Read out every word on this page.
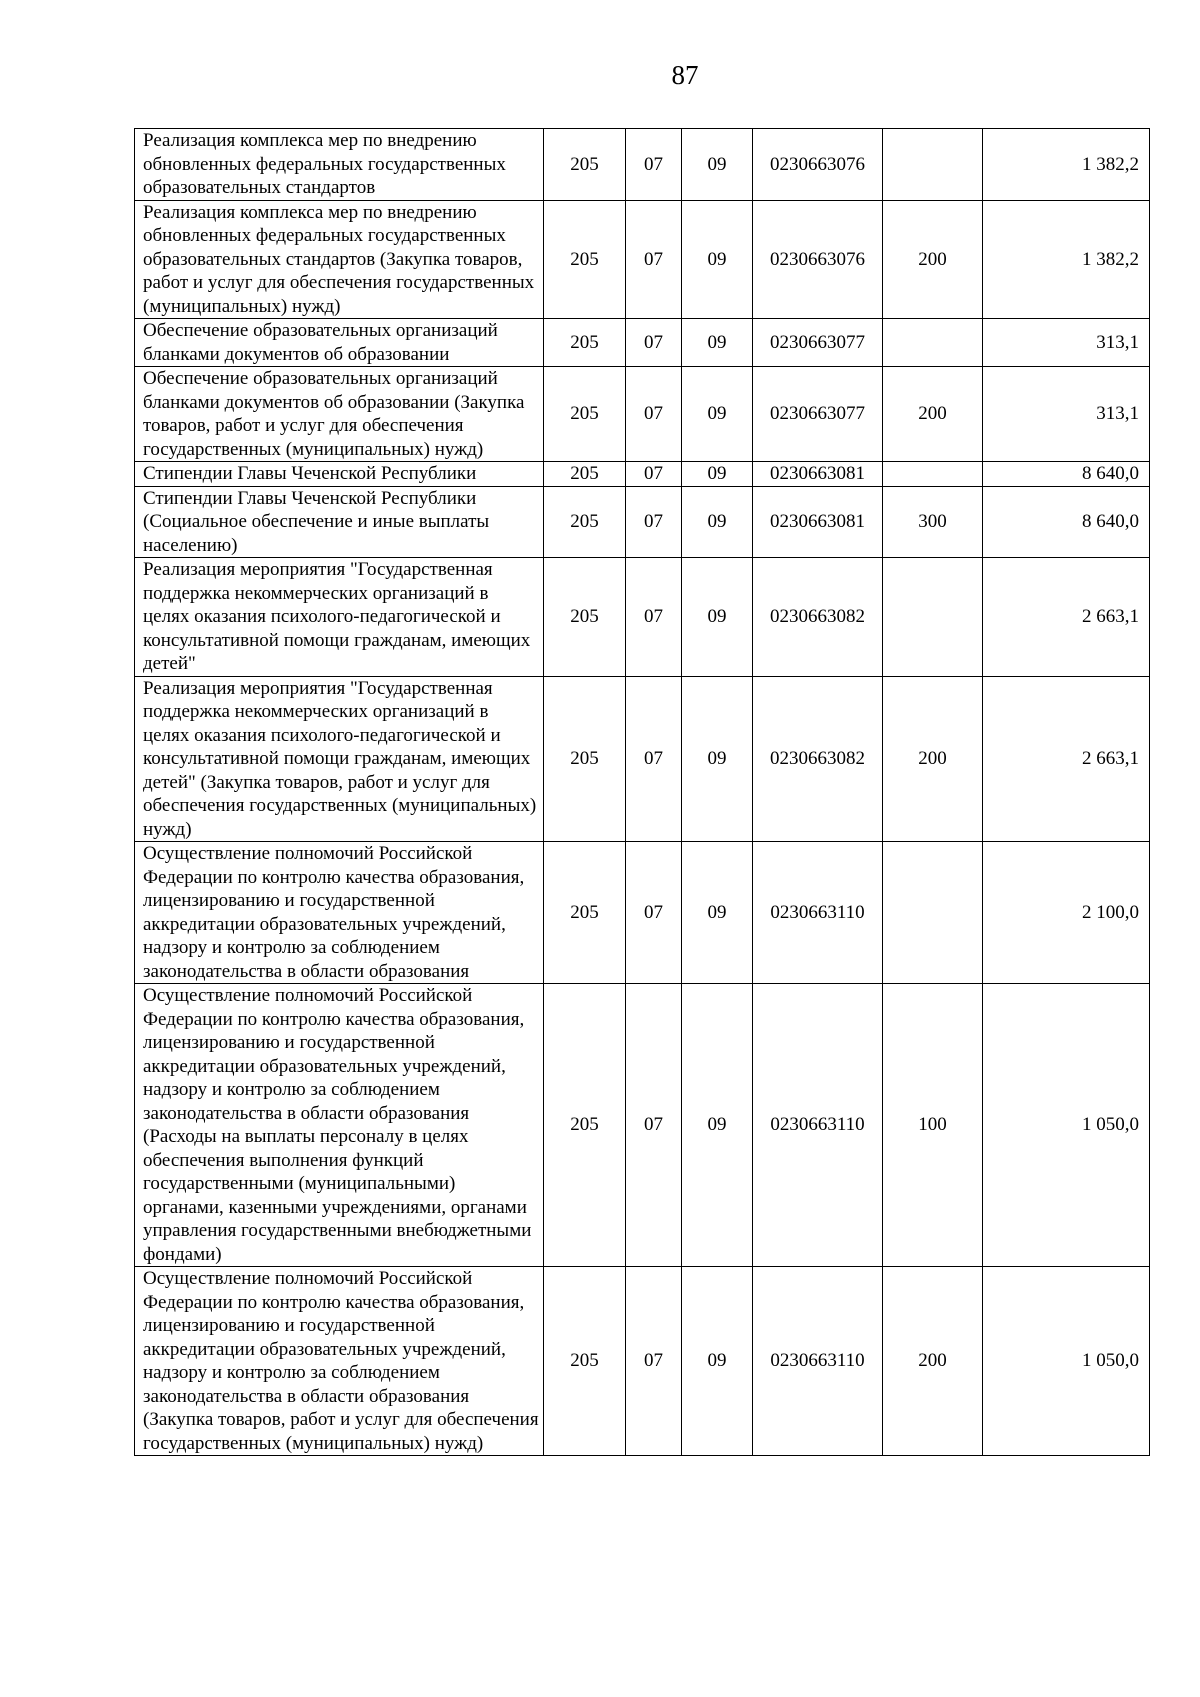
87
Реализация комплекса мер по внедрению обновленных федеральных государственных образовательных стандартов	205	07	09	0230663076		1 382,2
Реализация комплекса мер по внедрению обновленных федеральных государственных образовательных стандартов (Закупка товаров, работ и услуг для обеспечения государственных (муниципальных) нужд)	205	07	09	0230663076	200	1 382,2
Обеспечение образовательных организаций бланками документов об образовании	205	07	09	0230663077		313,1
Обеспечение образовательных организаций бланками документов об образовании (Закупка товаров, работ и услуг для обеспечения государственных (муниципальных) нужд)	205	07	09	0230663077	200	313,1
Стипендии Главы Чеченской Республики	205	07	09	0230663081		8 640,0
Стипендии Главы Чеченской Республики (Социальное обеспечение и иные выплаты населению)	205	07	09	0230663081	300	8 640,0
Реализация мероприятия "Государственная поддержка некоммерческих организаций в целях оказания психолого-педагогической и консультативной помощи гражданам, имеющих детей"	205	07	09	0230663082		2 663,1
Реализация мероприятия "Государственная поддержка некоммерческих организаций в целях оказания психолого-педагогической и консультативной помощи гражданам, имеющих детей" (Закупка товаров, работ и услуг для обеспечения государственных (муниципальных) нужд)	205	07	09	0230663082	200	2 663,1
Осуществление полномочий Российской Федерации по контролю качества образования, лицензированию и государственной аккредитации образовательных учреждений, надзору и контролю за соблюдением законодательства в области образования	205	07	09	0230663110		2 100,0
Осуществление полномочий Российской Федерации по контролю качества образования, лицензированию и государственной аккредитации образовательных учреждений, надзору и контролю за соблюдением законодательства в области образования (Расходы на выплаты персоналу в целях обеспечения выполнения функций государственными (муниципальными) органами, казенными учреждениями, органами управления государственными внебюджетными фондами)	205	07	09	0230663110	100	1 050,0
Осуществление полномочий Российской Федерации по контролю качества образования, лицензированию и государственной аккредитации образовательных учреждений, надзору и контролю за соблюдением законодательства в области образования (Закупка товаров, работ и услуг для обеспечения государственных (муниципальных) нужд)	205	07	09	0230663110	200	1 050,0
